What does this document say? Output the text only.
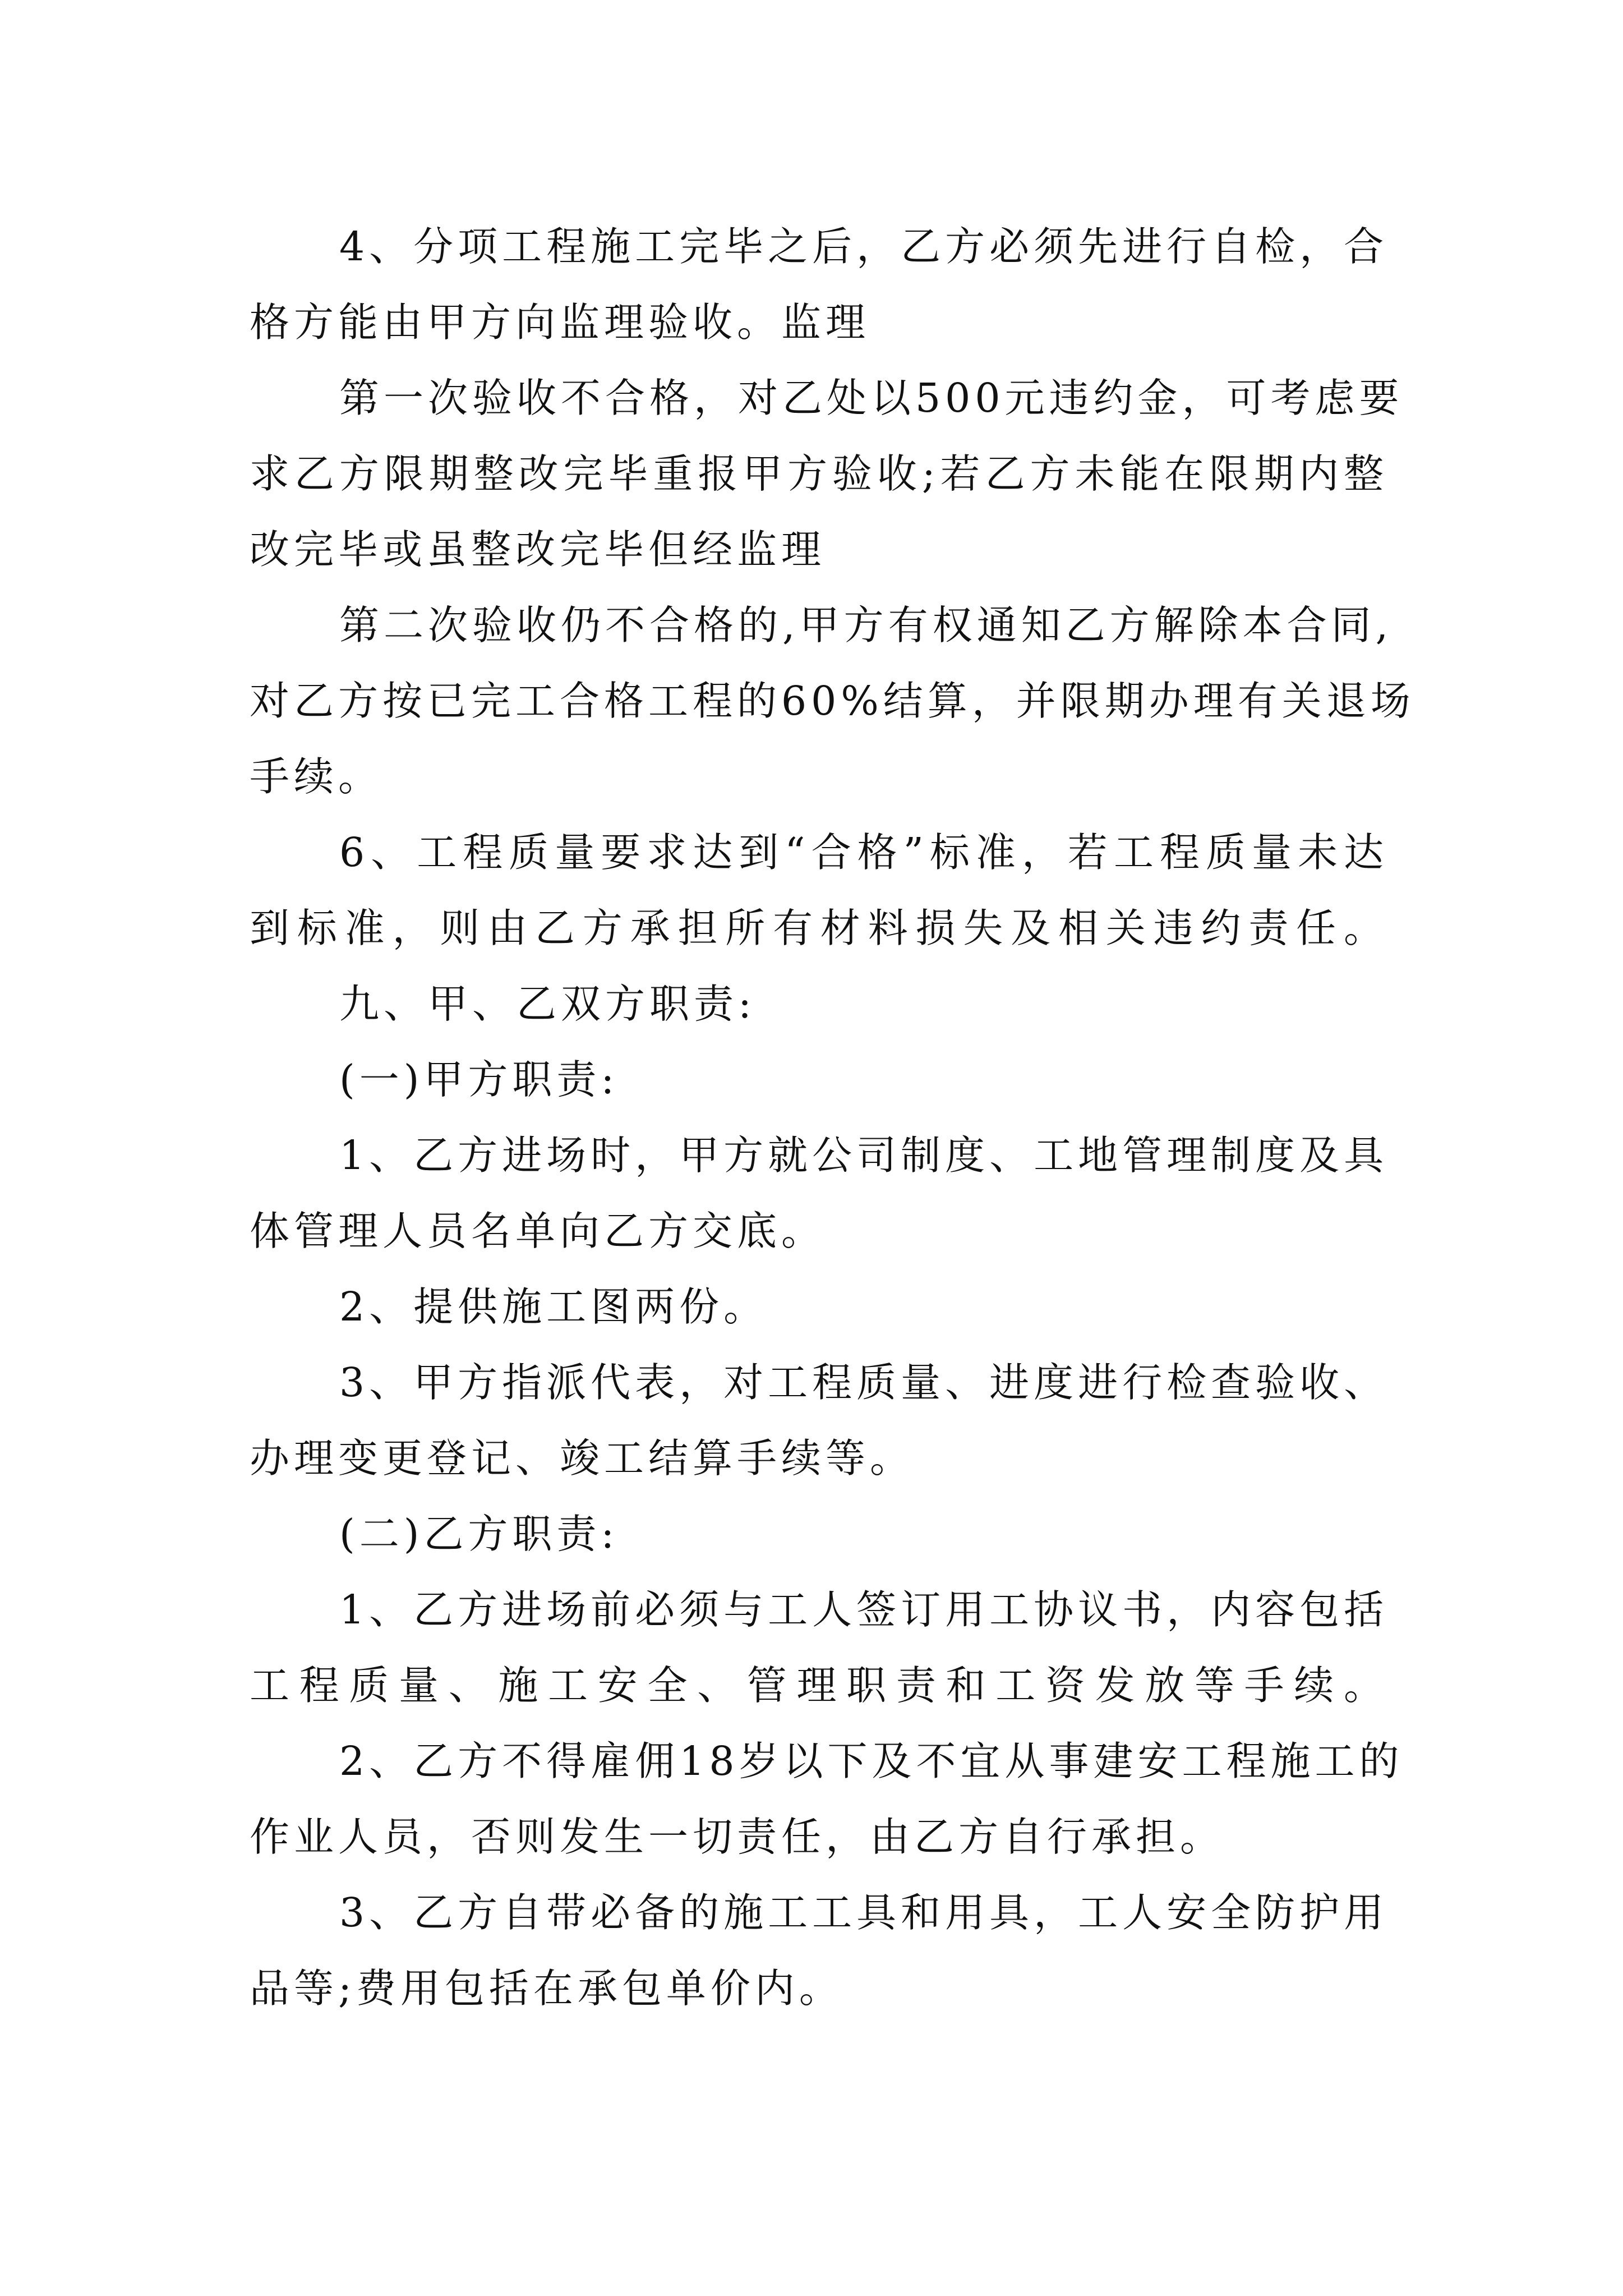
4、分项工程施工完毕之后，乙方必须先进行自检，合
格方能由甲方向监理验收。监理
第一次验收不合格，对乙处以500元违约金，可考虑要
求乙方限期整改完毕重报甲方验收;若乙方未能在限期内整
改完毕或虽整改完毕但经监理
第二次验收仍不合格的,甲方有权通知乙方解除本合同,
对乙方按已完工合格工程的60%结算，并限期办理有关退场
手续。
6、工程质量要求达到“合格”标准，若工程质量未达
到标准，则由乙方承担所有材料损失及相关违约责任。
九、甲、乙双方职责:
(一)甲方职责:
1、乙方进场时，甲方就公司制度、工地管理制度及具
体管理人员名单向乙方交底。
2、提供施工图两份。
3、甲方指派代表，对工程质量、进度进行检查验收、
办理变更登记、竣工结算手续等。
(二)乙方职责:
1、乙方进场前必须与工人签订用工协议书，内容包括
工程质量、施工安全、管理职责和工资发放等手续。
2、乙方不得雇佣18岁以下及不宜从事建安工程施工的
作业人员，否则发生一切责任，由乙方自行承担。
3、乙方自带必备的施工工具和用具，工人安全防护用
品等;费用包括在承包单价内。
